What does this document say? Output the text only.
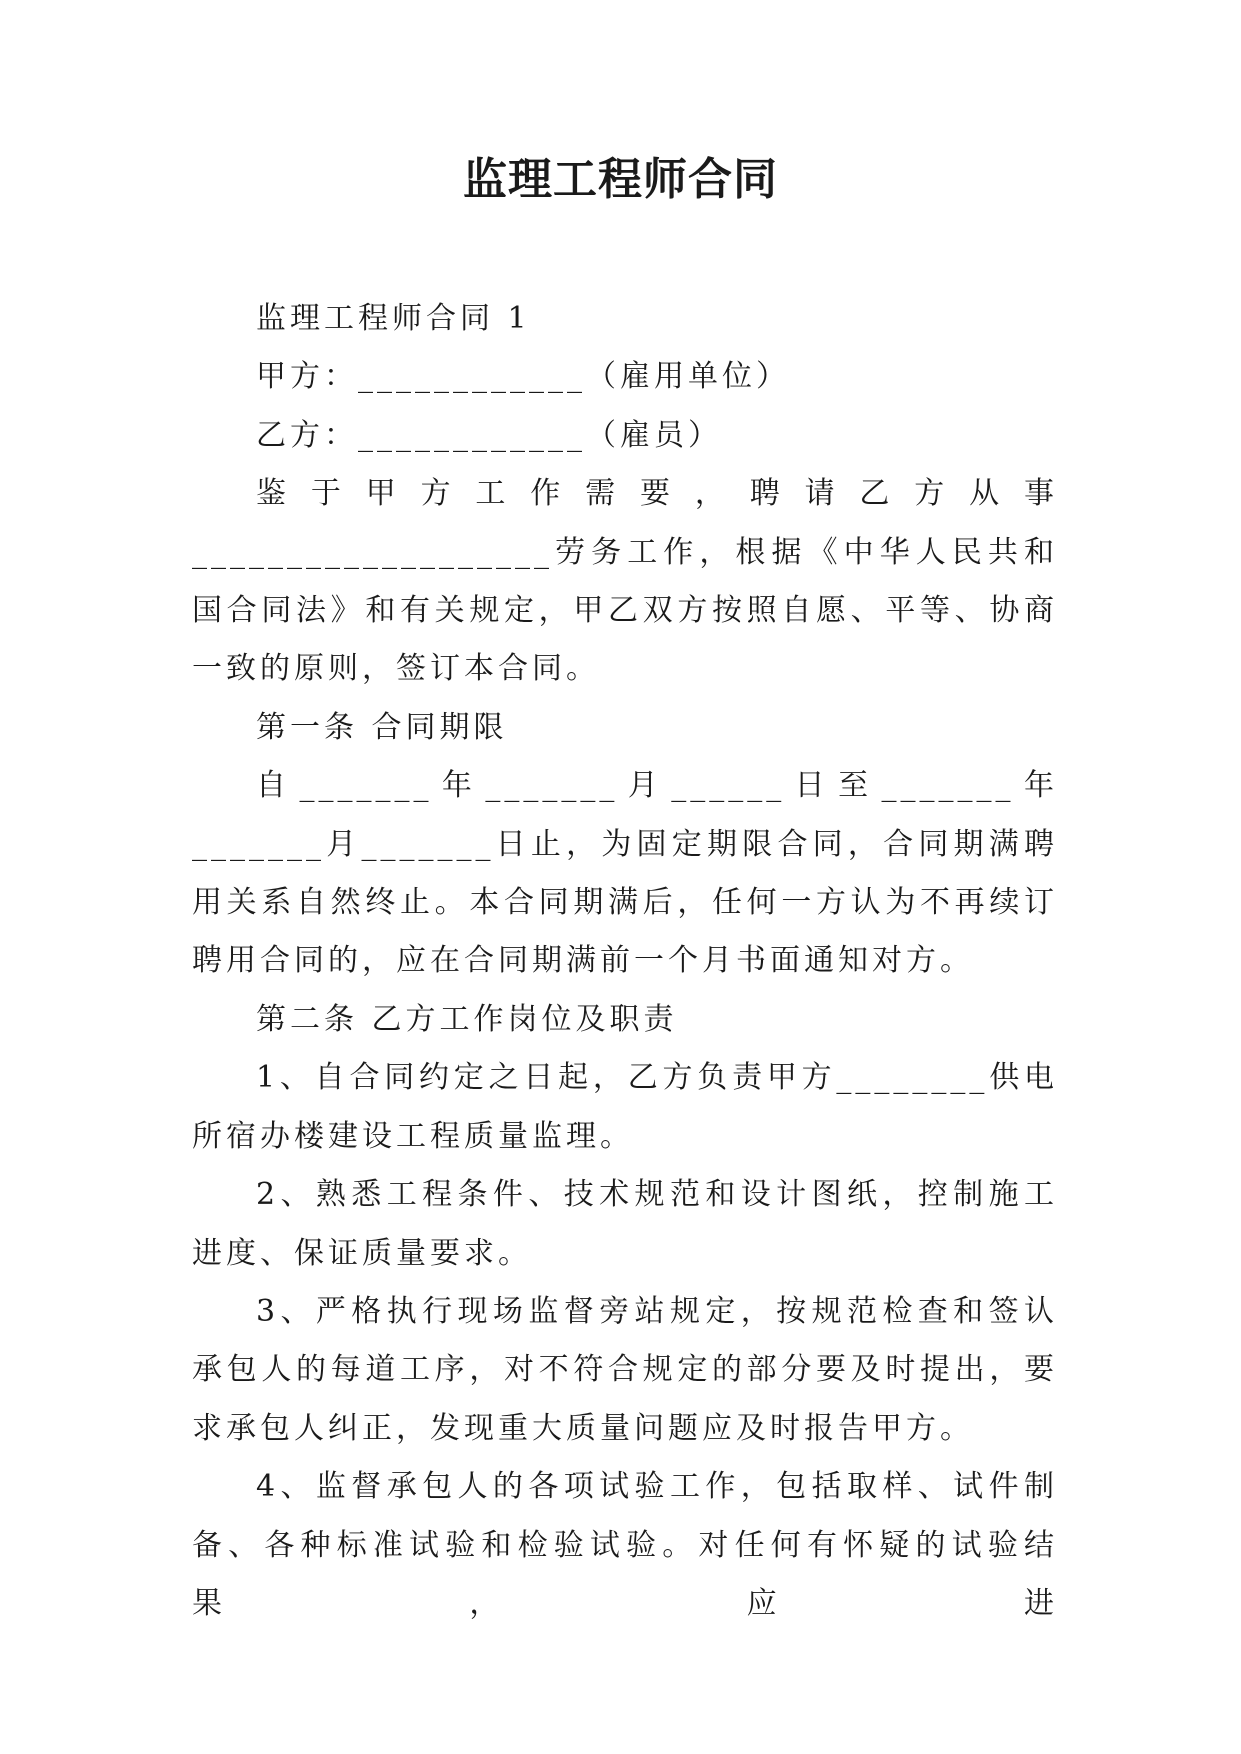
监理工程师合同

监理工程师合同 1

甲方：____________（雇用单位）

乙方：____________（雇员）

鉴于甲方工作需要，聘请乙方从事___________________劳务工作，根据《中华人民共和国合同法》和有关规定，甲乙双方按照自愿、平等、协商一致的原则，签订本合同。

第一条 合同期限

自_______年_______月______日至_______年_______月_______日止，为固定期限合同，合同期满聘用关系自然终止。本合同期满后，任何一方认为不再续订聘用合同的，应在合同期满前一个月书面通知对方。

第二条 乙方工作岗位及职责

1、自合同约定之日起，乙方负责甲方________供电所宿办楼建设工程质量监理。

2、熟悉工程条件、技术规范和设计图纸，控制施工进度、保证质量要求。

3、严格执行现场监督旁站规定，按规范检查和签认承包人的每道工序，对不符合规定的部分要及时提出，要求承包人纠正，发现重大质量问题应及时报告甲方。

4、监督承包人的各项试验工作，包括取样、试件制备、各种标准试验和检验试验。对任何有怀疑的试验结果，应进
